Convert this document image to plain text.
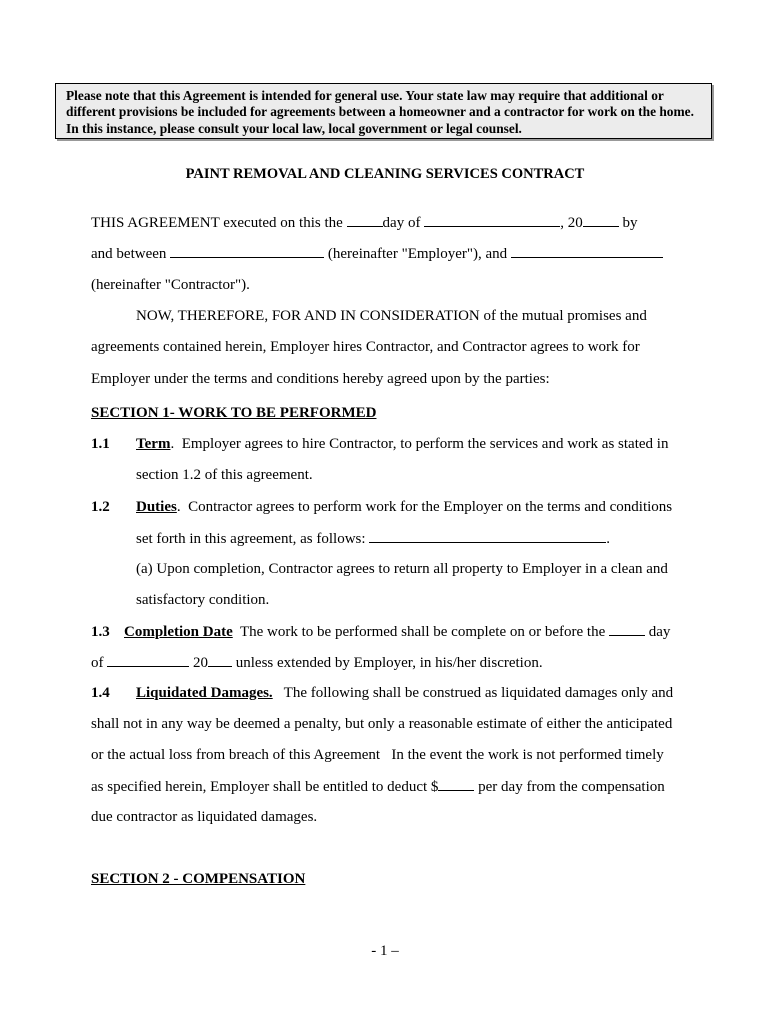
Please note that this Agreement is intended for general use. Your state law may require that additional or different provisions be included for agreements between a homeowner and a contractor for work on the home. In this instance, please consult your local law, local government or legal counsel.
PAINT REMOVAL AND CLEANING SERVICES CONTRACT
THIS AGREEMENT executed on this the day of	, 20 by
and between	(hereinafter "Employer"), and
(hereinafter "Contractor").
NOW, THEREFORE, FOR AND IN CONSIDERATION of the mutual promises and
agreements contained herein, Employer hires Contractor, and Contractor agrees to work for
Employer under the terms and conditions hereby agreed upon by the parties:
SECTION 1- WORK TO BE PERFORMED
1.1 Term.  Employer agrees to hire Contractor, to perform the services and work as stated in
section 1.2 of this agreement.
1.2 Duties.  Contractor agrees to perform work for the Employer on the terms and conditions
set forth in this agreement, as follows:	.
(a) Upon completion, Contractor agrees to return all property to Employer in a clean and
satisfactory condition.
1.3 Completion Date  The work to be performed shall be complete on or before the  day
of	20 unless extended by Employer, in his/her discretion.
1.4 Liquidated Damages.   The following shall be construed as liquidated damages only and
shall not in any way be deemed a penalty, but only a reasonable estimate of either the anticipated
or the actual loss from breach of this Agreement   In the event the work is not performed timely
as specified herein, Employer shall be entitled to deduct $ per day from the compensation
due contractor as liquidated damages.
SECTION 2 - COMPENSATION
- 1 –
